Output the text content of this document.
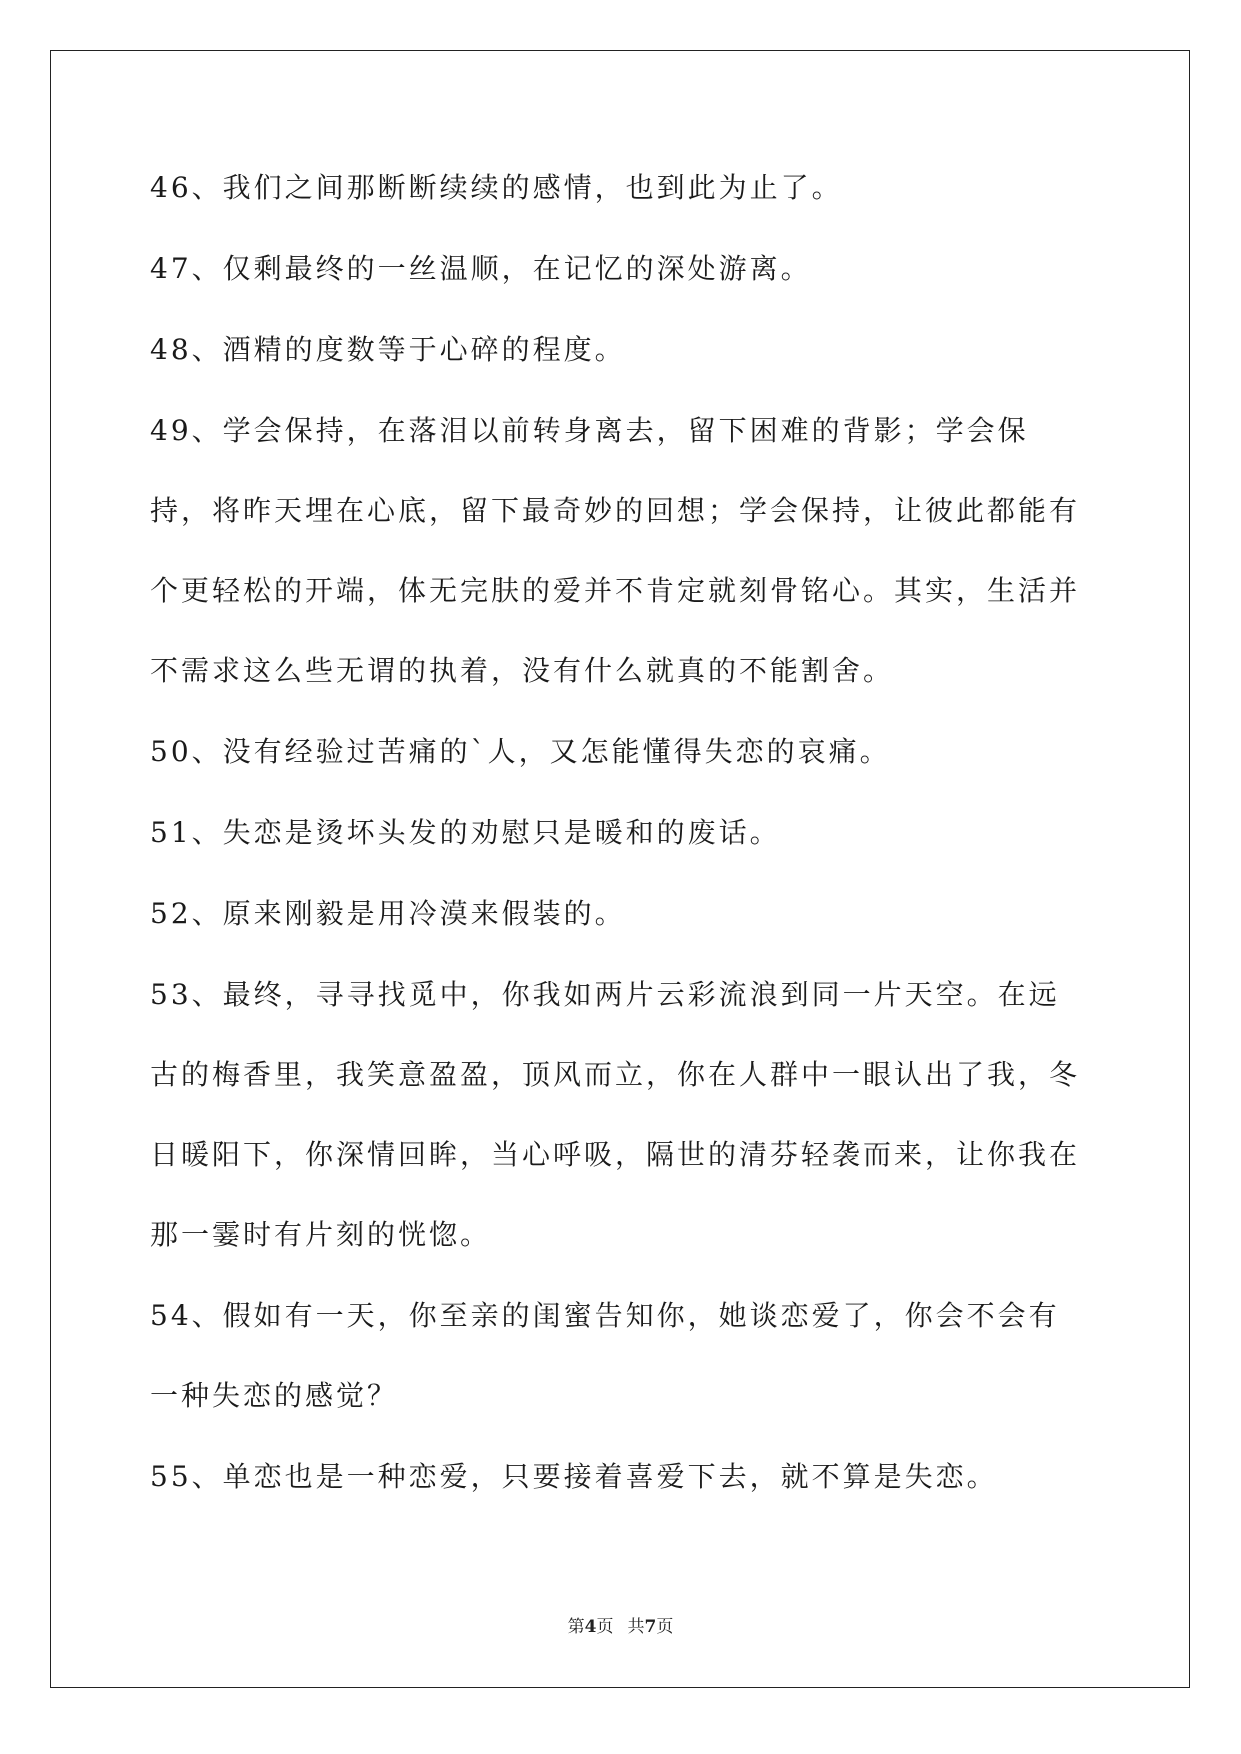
46、我们之间那断断续续的感情，也到此为止了。

47、仅剩最终的一丝温顺，在记忆的深处游离。

48、酒精的度数等于心碎的程度。

49、学会保持，在落泪以前转身离去，留下困难的背影；学会保持，将昨天埋在心底，留下最奇妙的回想；学会保持，让彼此都能有个更轻松的开端，体无完肤的爱并不肯定就刻骨铭心。其实，生活并不需求这么些无谓的执着，没有什么就真的不能割舍。

50、没有经验过苦痛的`人，又怎能懂得失恋的哀痛。

51、失恋是烫坏头发的劝慰只是暖和的废话。

52、原来刚毅是用冷漠来假装的。

53、最终，寻寻找觅中，你我如两片云彩流浪到同一片天空。在远古的梅香里，我笑意盈盈，顶风而立，你在人群中一眼认出了我，冬日暖阳下，你深情回眸，当心呼吸，隔世的清芬轻袭而来，让你我在那一霎时有片刻的恍惚。

54、假如有一天，你至亲的闺蜜告知你，她谈恋爱了，你会不会有一种失恋的感觉？

55、单恋也是一种恋爱，只要接着喜爱下去，就不算是失恋。

第4页 共7页
